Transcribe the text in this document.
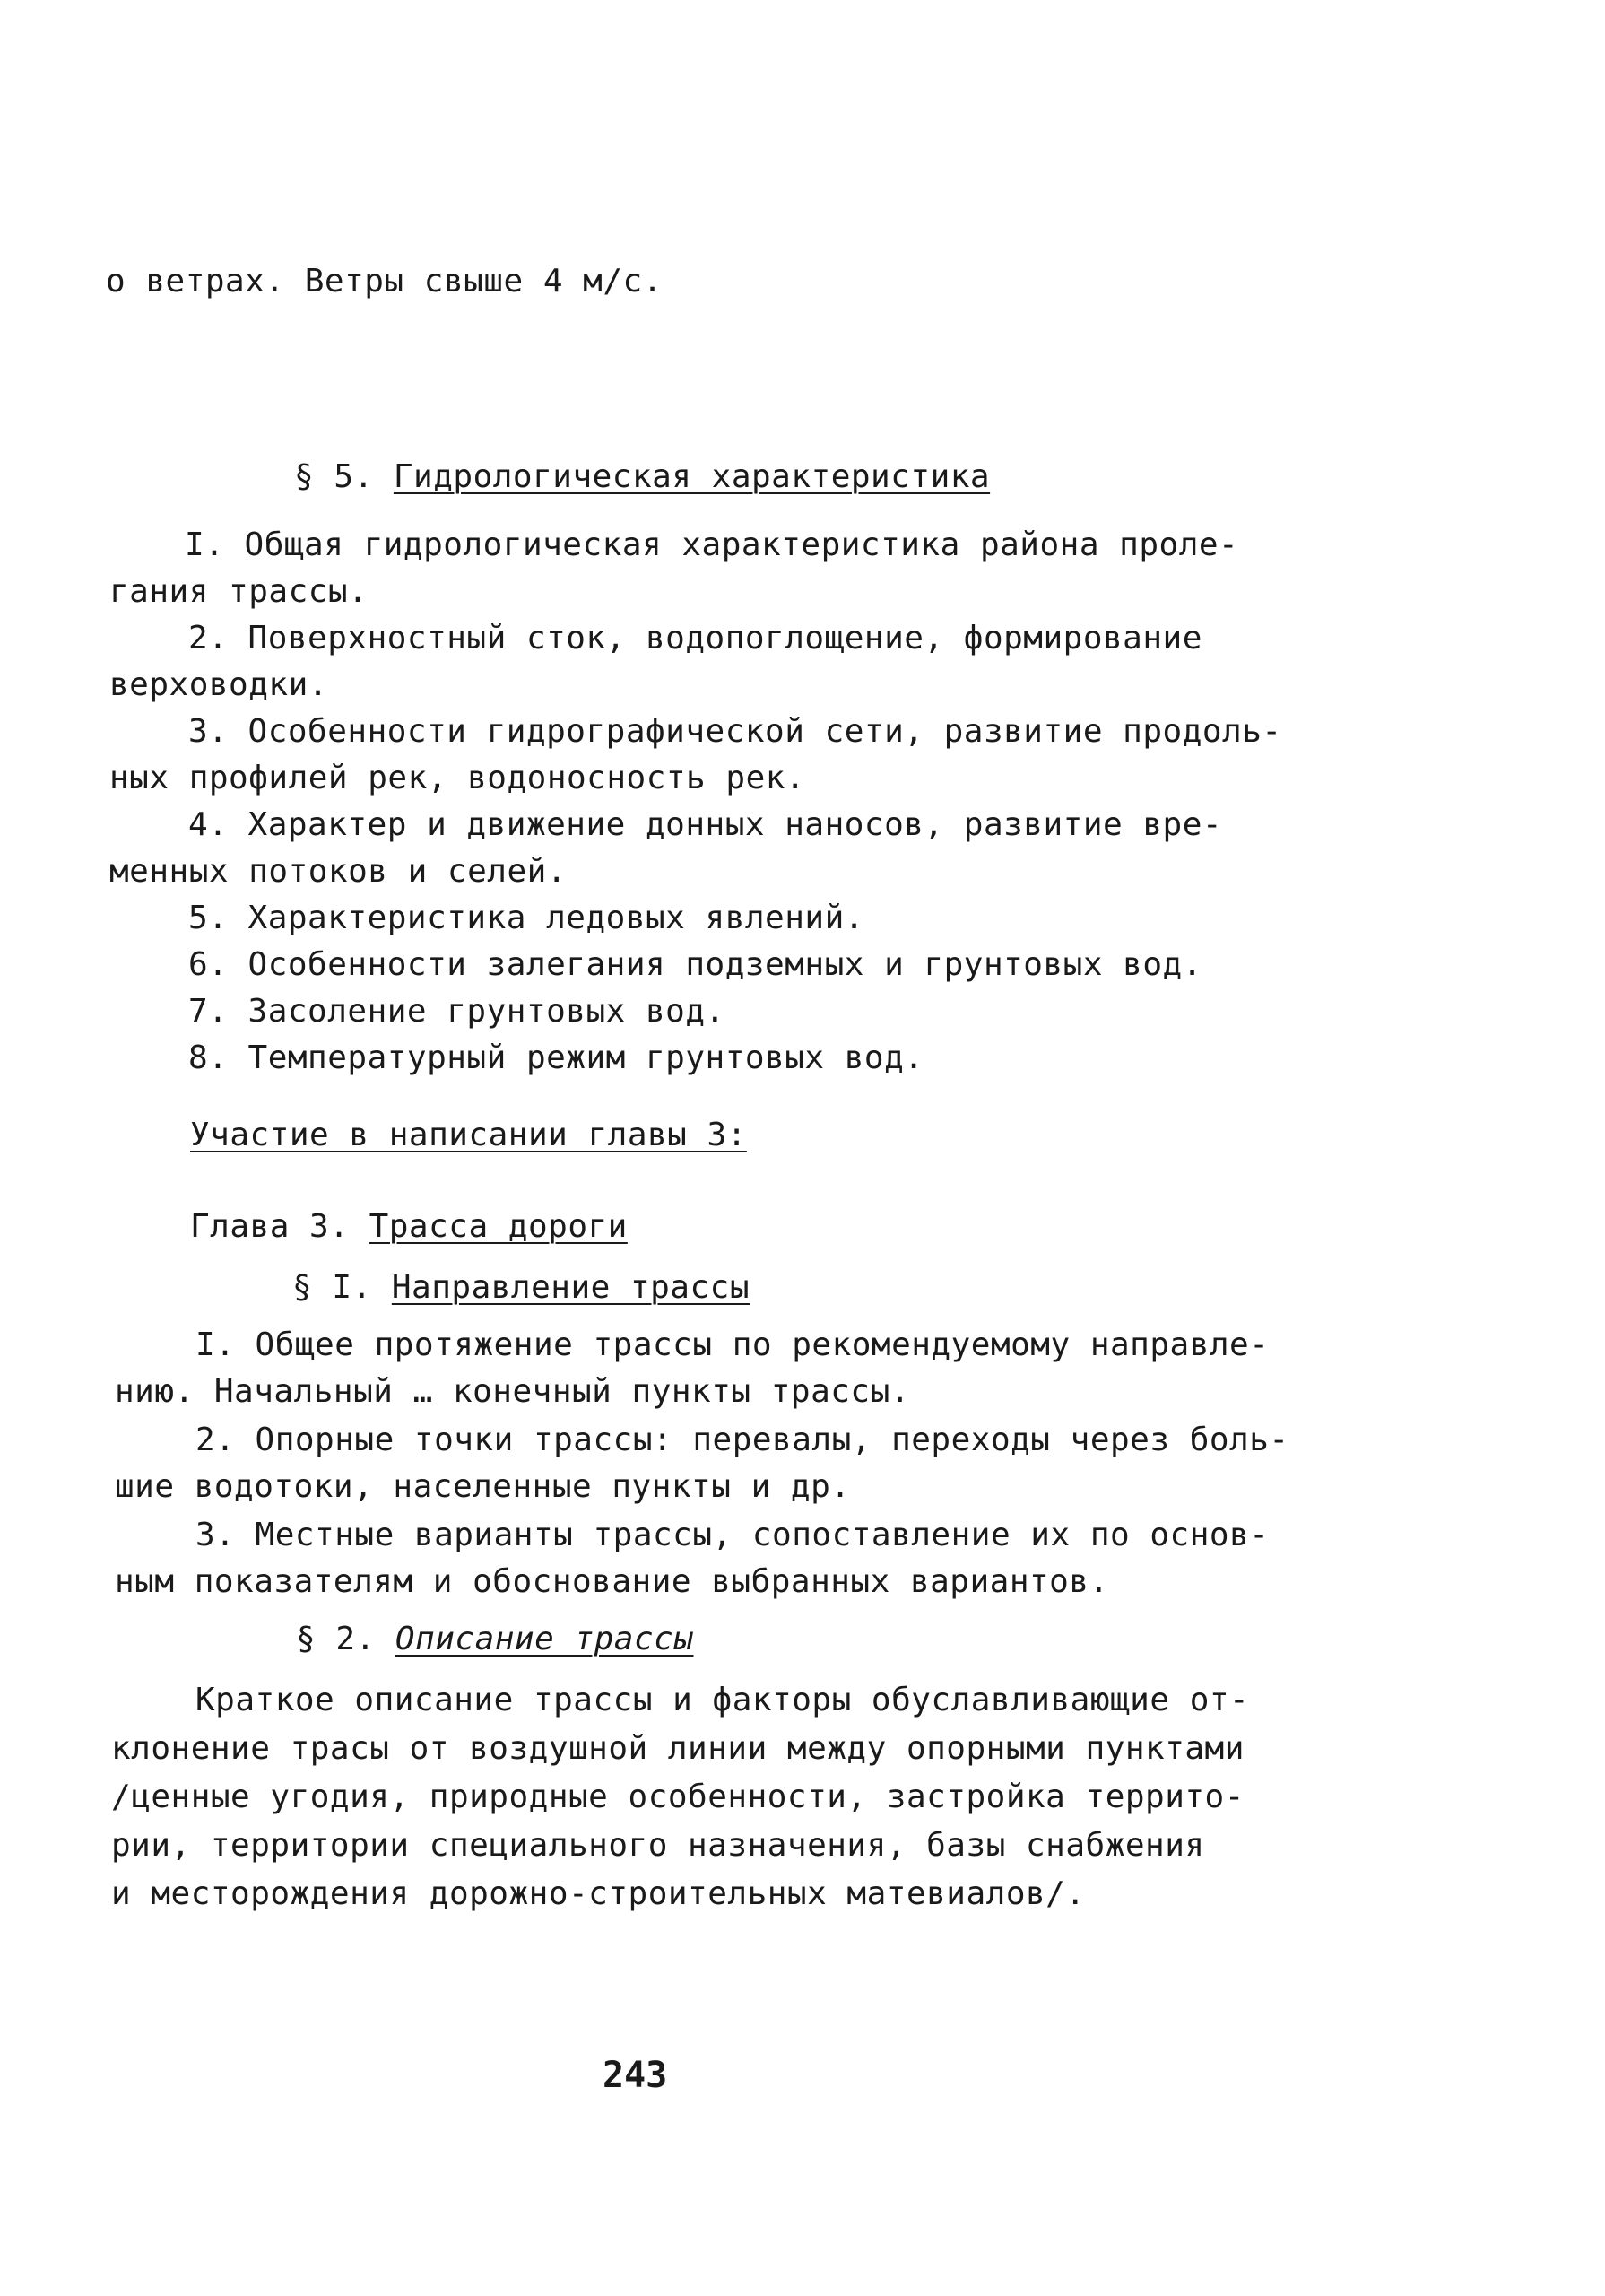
о ветрах. Ветры свыше 4 м/с.
§ 5. Гидрологическая характеристика
I. Общая гидрологическая характеристика района проле-
гания трассы.
2. Поверхностный сток, водопоглощение, формирование
верховодки.
3. Особенности гидрографической сети, развитие продоль-
ных профилей рек, водоносность рек.
4. Характер и движение донных наносов, развитие вре-
менных потоков и селей.
5. Характеристика ледовых явлений.
6. Особенности залегания подземных и грунтовых вод.
7. Засоление грунтовых вод.
8. Температурный режим грунтовых вод.
Участие в написании главы 3:
Глава 3. Трасса дороги
§ I. Направление трассы
I. Общее протяжение трассы по рекомендуемому направле-
нию. Начальный … конечный пункты трассы.
2. Опорные точки трассы: перевалы, переходы через боль-
шие водотоки, населенные пункты и др.
3. Местные варианты трассы, сопоставление их по основ-
ным показателям и обоснование выбранных вариантов.
§ 2. Описание трассы
Краткое описание трассы и факторы обуславливающие от-
клонение трасы от воздушной линии между опорными пунктами
/ценные угодия, природные особенности, застройка террито-
рии, территории специального назначения, базы снабжения
и месторождения дорожно-строительных матевиалов/.
243
